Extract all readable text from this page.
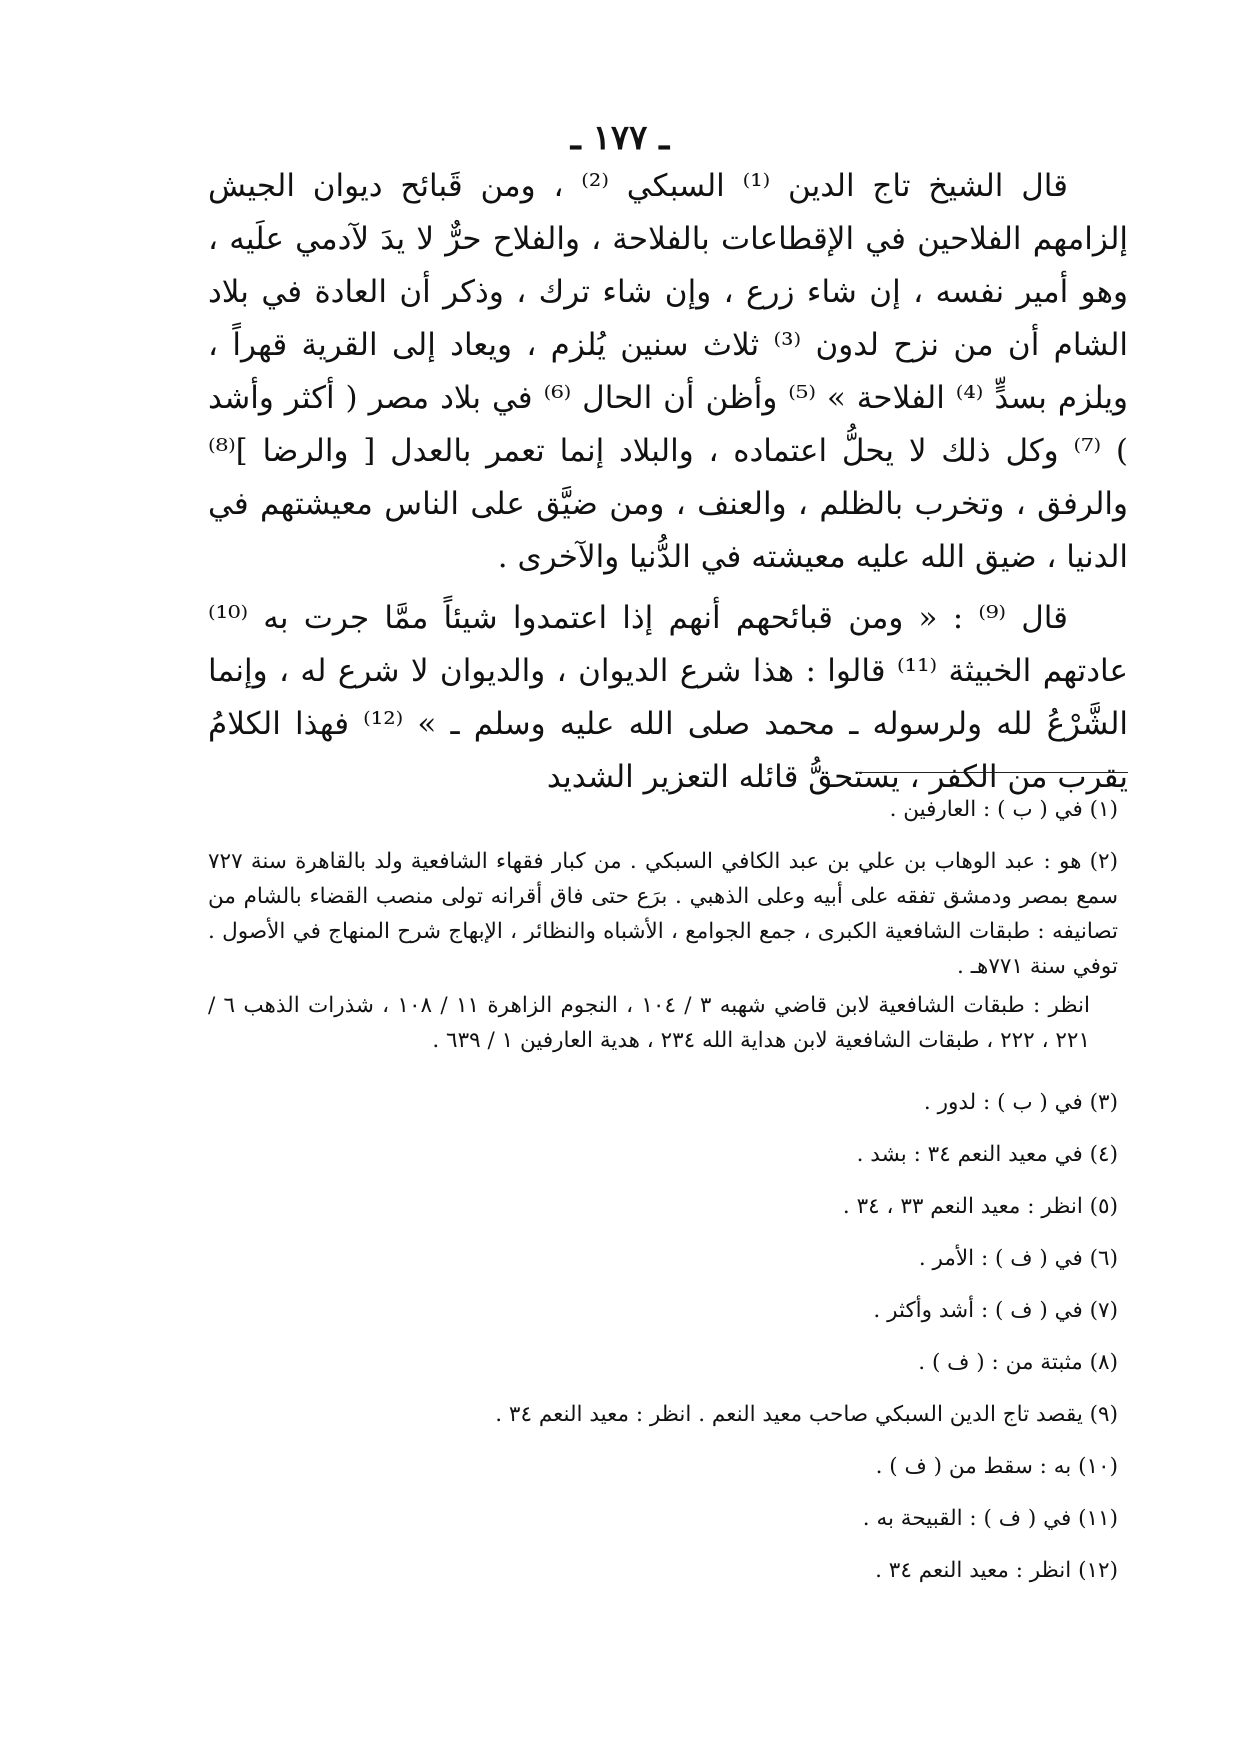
ـ ١٧٧ ـ

قال الشيخ تاج الدين ⁽¹⁾ السبكي ⁽²⁾ ، ومن قَبائح ديوان الجيش إلزامهم الفلاحين في الإقطاعات بالفلاحة ، والفلاح حرٌّ لا يدَ لآدمي علَيه ، وهو أمير نفسه ، إن شاء زرع ، وإن شاء ترك ، وذكر أن العادة في بلاد الشام أن من نزح لدون ⁽³⁾ ثلاث سنين يُلزم ، ويعاد إلى القرية قهراً ، ويلزم بسدٍّ ⁽⁴⁾ الفلاحة » ⁽⁵⁾ وأظن أن الحال ⁽⁶⁾ في بلاد مصر ( أكثر وأشد ) ⁽⁷⁾ وكل ذلك لا يحلُّ اعتماده ، والبلاد إنما تعمر بالعدل [ والرضا ]⁽⁸⁾ والرفق ، وتخرب بالظلم ، والعنف ، ومن ضيَّق على الناس معيشتهم في الدنيا ، ضيق الله عليه معيشته في الدُّنيا والآخرى .

قال ⁽⁹⁾ : « ومن قبائحهم أنهم إذا اعتمدوا شيئاً ممَّا جرت به ⁽¹⁰⁾ عادتهم الخبيثة ⁽¹¹⁾ قالوا : هذا شرع الديوان ، والديوان لا شرع له ، وإنما الشَّرْعُ لله ولرسوله ـ محمد صلى الله عليه وسلم ـ » ⁽¹²⁾ فهذا الكلامُ يقرب من الكفر ، يستحقُّ قائله التعزير الشديد

(١) في ( ب ) : العارفين .
(٢) هو : عبد الوهاب بن علي بن عبد الكافي السبكي . من كبار فقهاء الشافعية ولد بالقاهرة سنة ٧٢٧ سمع بمصر ودمشق تفقه على أبيه وعلى الذهبي . برَع حتى فاق أقرانه تولى منصب القضاء بالشام من تصانيفه : طبقات الشافعية الكبرى ، جمع الجوامع ، الأشباه والنظائر ، الإبهاج شرح المنهاج في الأصول . توفي سنة ٧٧١هـ .
انظر : طبقات الشافعية لابن قاضي شهبه ٣ / ١٠٤ ، النجوم الزاهرة ١١ / ١٠٨ ، شذرات الذهب ٦ / ٢٢١ ، ٢٢٢ ، طبقات الشافعية لابن هداية الله ٢٣٤ ، هدية العارفين ١ / ٦٣٩ .
(٣) في ( ب ) : لدور .
(٤) في معيد النعم ٣٤ : بشد .
(٥) انظر : معيد النعم ٣٣ ، ٣٤ .
(٦) في ( ف ) : الأمر .
(٧) في ( ف ) : أشد وأكثر .
(٨) مثبتة من : ( ف ) .
(٩) يقصد تاج الدين السبكي صاحب معيد النعم . انظر : معيد النعم ٣٤ .
(١٠) به : سقط من ( ف ) .
(١١) في ( ف ) : القبيحة به .
(١٢) انظر : معيد النعم ٣٤ .
